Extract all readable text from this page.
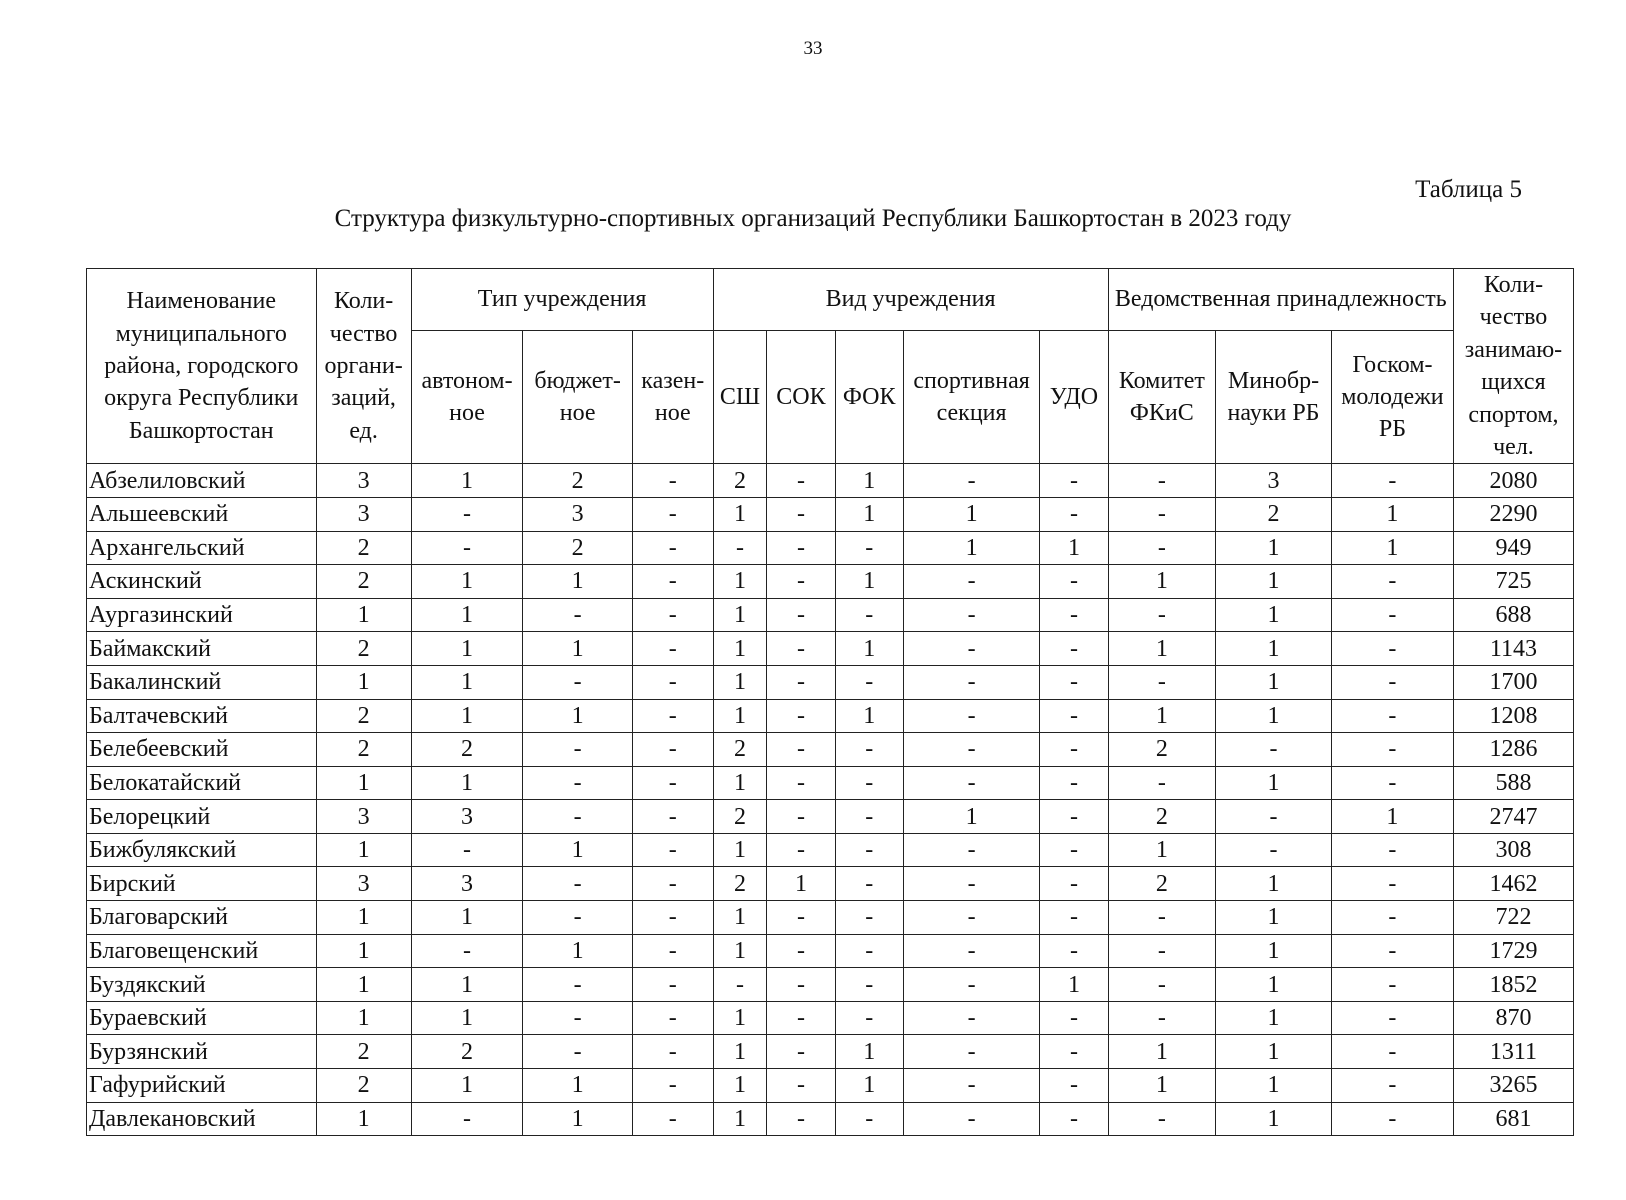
33
Таблица 5
Структура физкультурно-спортивных организаций Республики Башкортостан в 2023 году
Наименование муниципального района, городского округа Республики Башкортостан	Коли-чество органи-заций, ед.	Тип учреждения			Вид учреждения					Ведомственная принадлежность			Коли-чество занимаю-щихся спортом, чел.
		автоном-ное	бюджет-ное	казен-ное	СШ	СОК	ФОК	спортивная секция	УДО	Комитет ФКиС	Минобр-науки РБ	Госком-молодежи РБ	
Абзелиловский	3	1	2	-	2	-	1	-	-	-	3	-	2080
Альшеевский	3	-	3	-	1	-	1	1	-	-	2	1	2290
Архангельский	2	-	2	-	-	-	-	1	1	-	1	1	949
Аскинский	2	1	1	-	1	-	1	-	-	1	1	-	725
Аургазинский	1	1	-	-	1	-	-	-	-	-	1	-	688
Баймакский	2	1	1	-	1	-	1	-	-	1	1	-	1143
Бакалинский	1	1	-	-	1	-	-	-	-	-	1	-	1700
Балтачевский	2	1	1	-	1	-	1	-	-	1	1	-	1208
Белебеевский	2	2	-	-	2	-	-	-	-	2	-	-	1286
Белокатайский	1	1	-	-	1	-	-	-	-	-	1	-	588
Белорецкий	3	3	-	-	2	-	-	1	-	2	-	1	2747
Бижбулякский	1	-	1	-	1	-	-	-	-	1	-	-	308
Бирский	3	3	-	-	2	1	-	-	-	2	1	-	1462
Благоварский	1	1	-	-	1	-	-	-	-	-	1	-	722
Благовещенский	1	-	1	-	1	-	-	-	-	-	1	-	1729
Буздякский	1	1	-	-	-	-	-	-	1	-	1	-	1852
Бураевский	1	1	-	-	1	-	-	-	-	-	1	-	870
Бурзянский	2	2	-	-	1	-	1	-	-	1	1	-	1311
Гафурийский	2	1	1	-	1	-	1	-	-	1	1	-	3265
Давлекановский	1	-	1	-	1	-	-	-	-	-	1	-	681
